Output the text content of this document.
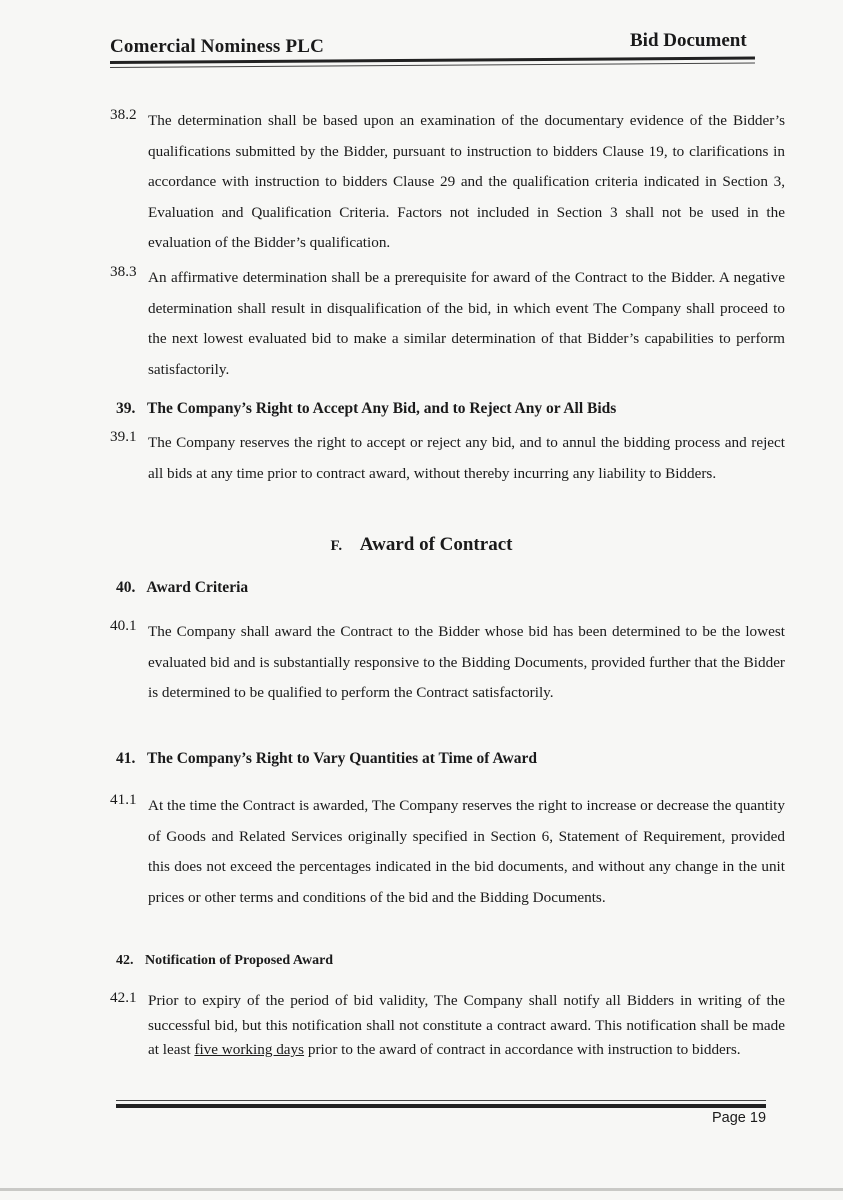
Comercial Nominess PLC	Bid Document
38.2 The determination shall be based upon an examination of the documentary evidence of the Bidder’s qualifications submitted by the Bidder, pursuant to instruction to bidders Clause 19, to clarifications in accordance with instruction to bidders Clause 29 and the qualification criteria indicated in Section 3, Evaluation and Qualification Criteria. Factors not included in Section 3 shall not be used in the evaluation of the Bidder’s qualification.
38.3 An affirmative determination shall be a prerequisite for award of the Contract to the Bidder. A negative determination shall result in disqualification of the bid, in which event The Company shall proceed to the next lowest evaluated bid to make a similar determination of that Bidder’s capabilities to perform satisfactorily.
39. The Company’s Right to Accept Any Bid, and to Reject Any or All Bids
39.1 The Company reserves the right to accept or reject any bid, and to annul the bidding process and reject all bids at any time prior to contract award, without thereby incurring any liability to Bidders.
F. Award of Contract
40. Award Criteria
40.1 The Company shall award the Contract to the Bidder whose bid has been determined to be the lowest evaluated bid and is substantially responsive to the Bidding Documents, provided further that the Bidder is determined to be qualified to perform the Contract satisfactorily.
41. The Company’s Right to Vary Quantities at Time of Award
41.1 At the time the Contract is awarded, The Company reserves the right to increase or decrease the quantity of Goods and Related Services originally specified in Section 6, Statement of Requirement, provided this does not exceed the percentages indicated in the bid documents, and without any change in the unit prices or other terms and conditions of the bid and the Bidding Documents.
42. Notification of Proposed Award
42.1 Prior to expiry of the period of bid validity, The Company shall notify all Bidders in writing of the successful bid, but this notification shall not constitute a contract award. This notification shall be made at least five working days prior to the award of contract in accordance with instruction to bidders.
Page 19
